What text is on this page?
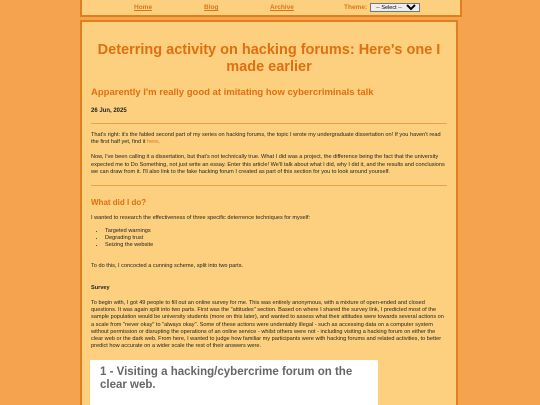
Home	Blog	Archive	Theme:
-- Select --
Deterring activity on hacking forums: Here's one I made earlier
Apparently I'm really good at imitating how cybercriminals talk
26 Jun, 2025

That's right: it's the fabled second part of my series on hacking forums, the topic I wrote my undergraduate dissertation on! If you haven't read the first half yet, find it here.

Now, I've been calling it a dissertation, but that's not technically true. What I did was a project, the difference being the fact that the university expected me to Do Something, not just write an essay. Enter this article! We'll talk about what I did, why I did it, and the results and conclusions we can draw from it. I'll also link to the fake hacking forum I created as part of this section for you to look around yourself.

What did I do?

I wanted to research the effectiveness of three specific deterrence techniques for myself:

• Targeted warnings
• Degrading trust
• Seizing the website

To do this, I concocted a cunning scheme, split into two parts.

Survey

To begin with, I got 49 people to fill out an online survey for me. This was entirely anonymous, with a mixture of open-ended and closed questions. It was again split into two parts. First was the "attitudes" section. Based on where I shared the survey link, I predicted most of the sample population would be university students (more on this later), and wanted to assess what their attitudes were towards several actions on a scale from "never okay" to "always okay". Some of these actions were undeniably illegal - such as accessing data on a computer system without permission or disrupting the operations of an online service - whilst others were not - including visiting a hacking forum on either the clear web or the dark web. From here, I wanted to judge how familiar my participants were with hacking forums and related activities, to better predict how accurate on a wider scale the rest of their answers were.

1 - Visiting a hacking/cybercrime forum on the clear web.
